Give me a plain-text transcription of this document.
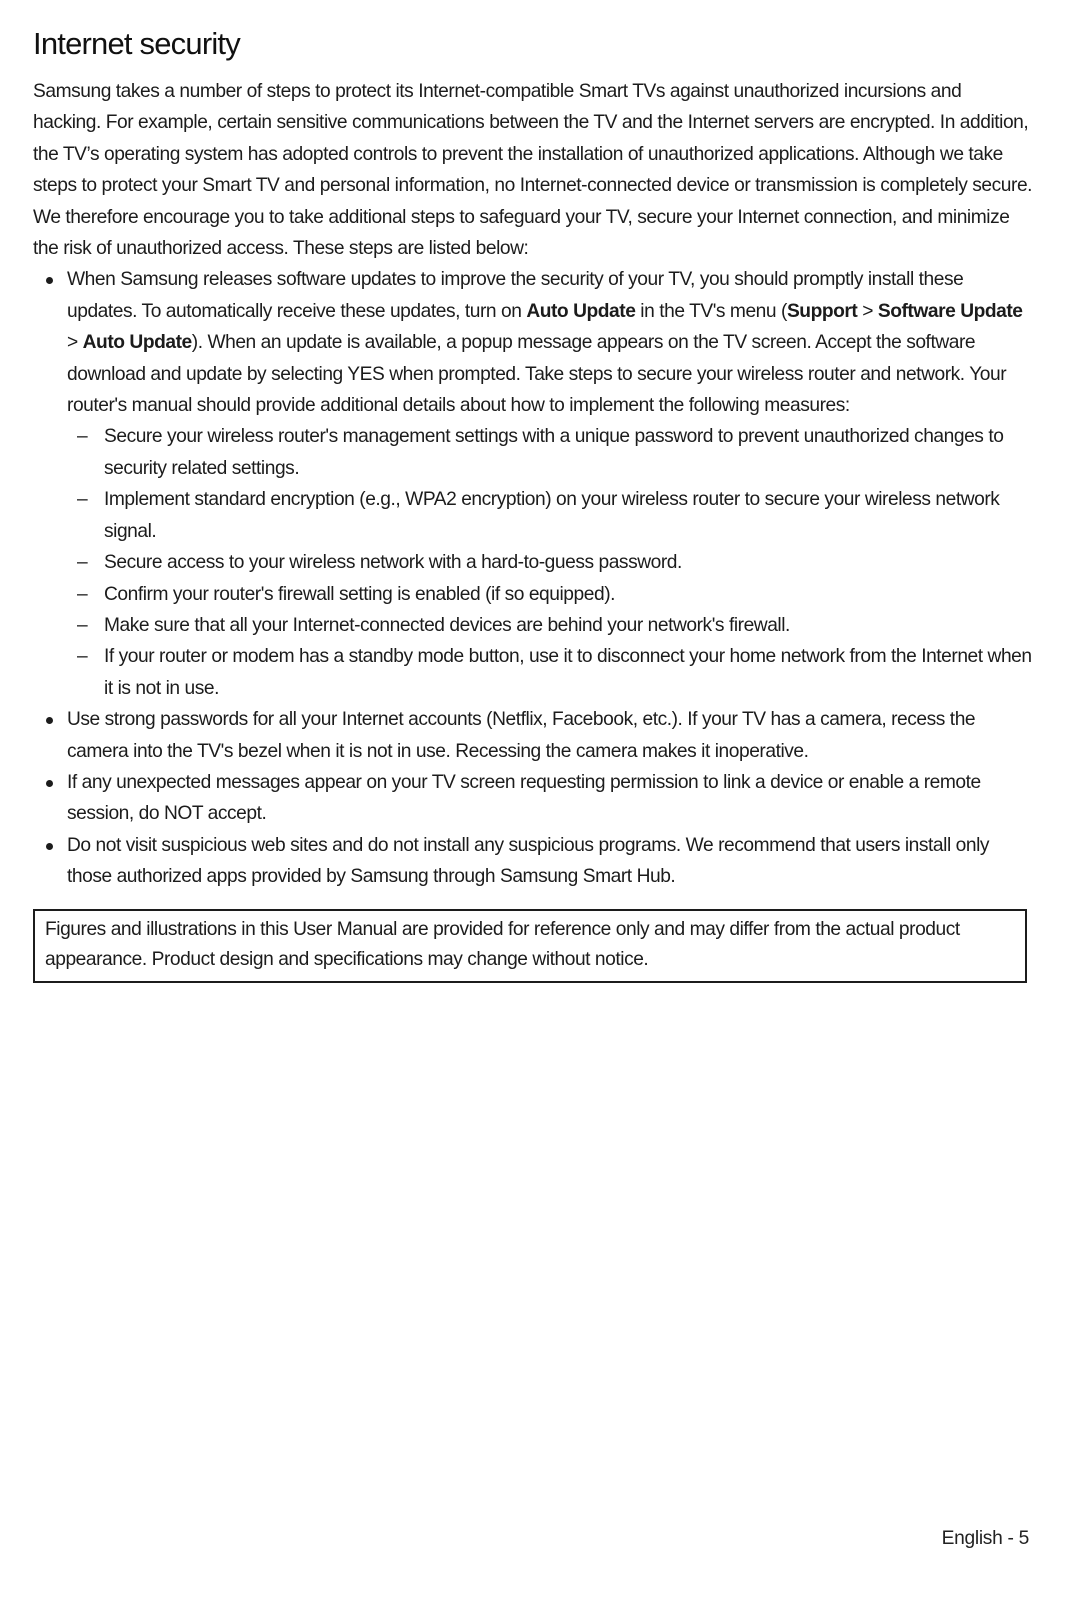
Internet security

Samsung takes a number of steps to protect its Internet-compatible Smart TVs against unauthorized incursions and hacking. For example, certain sensitive communications between the TV and the Internet servers are encrypted. In addition, the TV’s operating system has adopted controls to prevent the installation of unauthorized applications. Although we take steps to protect your Smart TV and personal information, no Internet-connected device or transmission is completely secure. We therefore encourage you to take additional steps to safeguard your TV, secure your Internet connection, and minimize the risk of unauthorized access. These steps are listed below:

When Samsung releases software updates to improve the security of your TV, you should promptly install these updates. To automatically receive these updates, turn on Auto Update in the TV's menu (Support > Software Update > Auto Update). When an update is available, a popup message appears on the TV screen. Accept the software download and update by selecting YES when prompted. Take steps to secure your wireless router and network. Your router's manual should provide additional details about how to implement the following measures:
– Secure your wireless router's management settings with a unique password to prevent unauthorized changes to security related settings.
– Implement standard encryption (e.g., WPA2 encryption) on your wireless router to secure your wireless network signal.
– Secure access to your wireless network with a hard-to-guess password.
– Confirm your router's firewall setting is enabled (if so equipped).
– Make sure that all your Internet-connected devices are behind your network's firewall.
– If your router or modem has a standby mode button, use it to disconnect your home network from the Internet when it is not in use.
Use strong passwords for all your Internet accounts (Netflix, Facebook, etc.). If your TV has a camera, recess the camera into the TV's bezel when it is not in use. Recessing the camera makes it inoperative.
If any unexpected messages appear on your TV screen requesting permission to link a device or enable a remote session, do NOT accept.
Do not visit suspicious web sites and do not install any suspicious programs. We recommend that users install only those authorized apps provided by Samsung through Samsung Smart Hub.
Figures and illustrations in this User Manual are provided for reference only and may differ from the actual product appearance. Product design and specifications may change without notice.
English - 5
